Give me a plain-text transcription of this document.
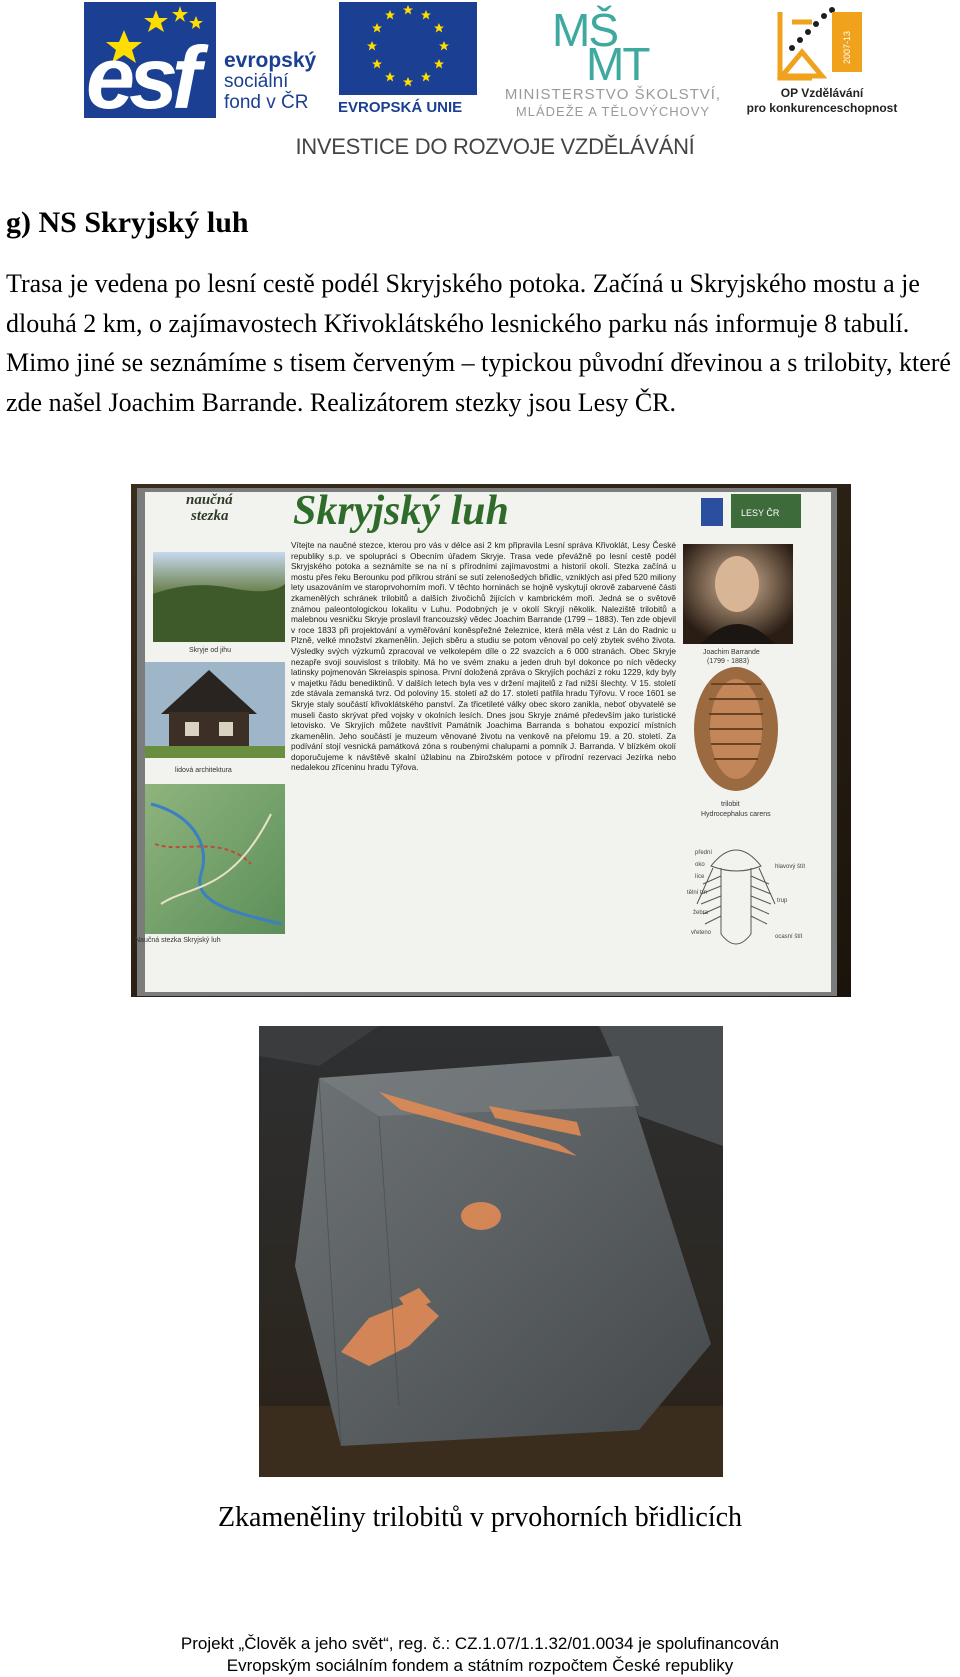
esf evropský
sociální
fond v ČR	EVROPSKÁ UNIE
MŠ
MT
MINISTERSTVO ŠKOLSTVÍ,
MLÁDEŽE A TĚLOVÝCHOVY
2007-13
OP Vzdělávání
pro konkurenceschopnost
INVESTICE DO ROZVOJE VZDĚLÁVÁNÍ
g) NS Skryjský luh
Trasa je vedena po lesní cestě podél Skryjského potoka. Začíná u Skryjského mostu a je dlouhá 2 km, o zajímavostech Křivoklátského lesnického parku nás informuje 8 tabulí. Mimo jiné se seznámíme s tisem červeným – typickou původní dřevinou a s trilobity, které zde našel Joachim Barrande. Realizátorem stezky jsou Lesy ČR.
naučná
stezka Skryjský luh	LESY ČR
Skryje od jihu
lidová architektura
Naučná stezka Skryjský luh
Vítejte na naučné stezce, kterou pro vás v délce asi 2 km připravila Lesní správa Křivoklát, Lesy České republiky s.p. ve spolupráci s Obecním úřadem Skryje. Trasa vede převážně po lesní cestě podél Skryjského potoka a seznámíte se na ní s přírodními zajímavostmi a historií okolí. Stezka začíná u mostu přes řeku Berounku pod příkrou strání se sutí zelenošedých břidlic, vzniklých asi před 520 miliony lety usazováním ve staroprvohorním moři. V těchto horninách se hojně vyskytují okrově zabarvené části zkamenělých schránek trilobitů a dalších živočichů žijících v kambrickém moři. Jedná se o světově známou paleontologickou lokalitu v Luhu. Podobných je v okolí Skryjí několik. Naleziště trilobitů a malebnou vesničku Skryje proslavil francouzský vědec Joachim Barrande (1799 – 1883). Ten zde objevil v roce 1833 při projektování a vyměřování koněspřežné železnice, která měla vést z Lán do Radnic u Plzně, velké množství zkamenělin. Jejich sběru a studiu se potom věnoval po celý zbytek svého života. Výsledky svých výzkumů zpracoval ve velkolepém díle o 22 svazcích a 6 000 stranách. Obec Skryje nezapře svoji souvislost s trilobity. Má ho ve svém znaku a jeden druh byl dokonce po ních vědecky latinsky pojmenován Skreiaspis spinosa. První doložená zpráva o Skryjích pochází z roku 1229, kdy byly v majetku řádu benediktinů. V dalších letech byla ves v držení majitelů z řad nižší šlechty. V 15. století zde stávala zemanská tvrz. Od poloviny 15. století až do 17. století patřila hradu Týřovu. V roce 1601 se Skryje staly součástí křivoklátského panství. Za třicetileté války obec skoro zanikla, neboť obyvatelé se museli často skrývat před vojsky v okolních lesích. Dnes jsou Skryje známé především jako turistické letovisko. Ve Skryjích můžete navštívit Památník Joachima Barranda s bohatou expozicí místních zkamenělin. Jeho součástí je muzeum věnované životu na venkově na přelomu 19. a 20. století. Za podívání stojí vesnická památková zóna s roubenými chalupami a pomník J. Barranda. V blízkém okolí doporučujeme k návštěvě skalní úžlabinu na Zbirožském potoce v přírodní rezervaci Jezírka nebo nedalekou zříceninu hradu Týřova.
Joachim Barrande
(1799 - 1883)
trilobit
Hydrocephalus carens
přední
oko
líce
tělní trn
žebra
vřetenо
hlavový štít
trup
ocasní štít
Zkameněliny trilobitů v prvohorních břidlicích
Projekt „Člověk a jeho svět“, reg. č.: CZ.1.07/1.1.32/01.0034 je spolufinancován
Evropským sociálním fondem a státním rozpočtem České republiky
